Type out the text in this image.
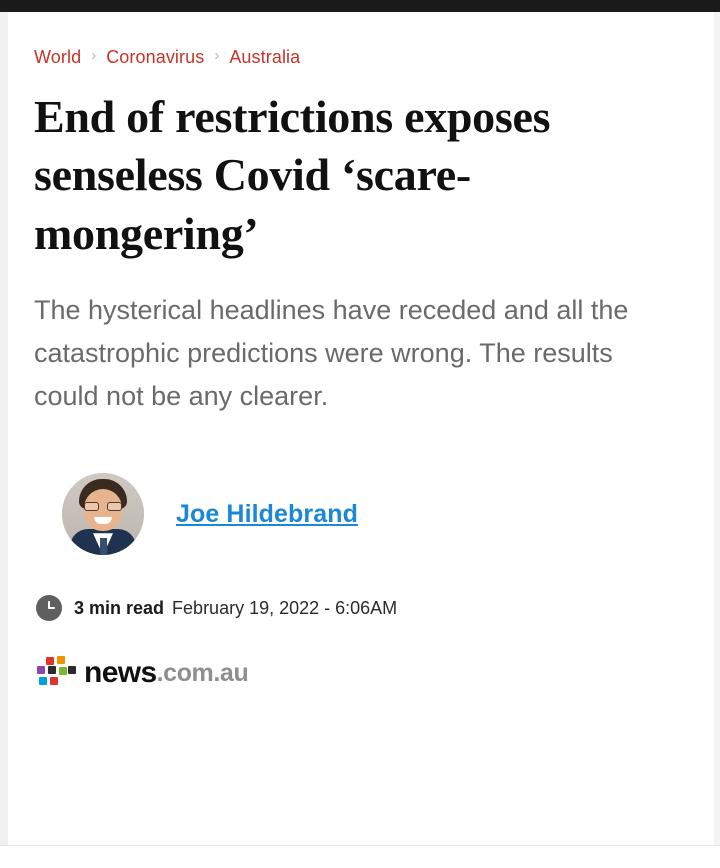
World › Coronavirus › Australia
End of restrictions exposes senseless Covid ‘scare-mongering’

The hysterical headlines have receded and all the catastrophic predictions were wrong. The results could not be any clearer.

Joe Hildebrand
3 min read February 19, 2022 - 6:06AM
news .com.au
